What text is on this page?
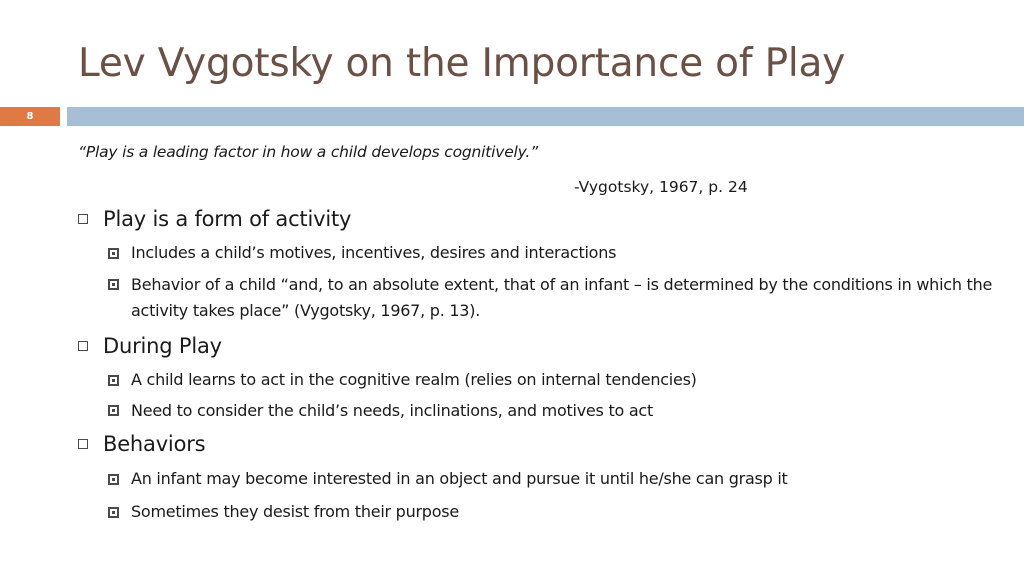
Lev Vygotsky on the Importance of Play
8
“Play is a leading factor in how a child develops cognitively.”
-Vygotsky, 1967, p. 24
Play is a form of activity
Includes a child’s motives, incentives, desires and interactions
Behavior of a child “and, to an absolute extent, that of an infant – is determined by the conditions in which the activity takes place” (Vygotsky, 1967, p. 13).
During Play
A child learns to act in the cognitive realm (relies on internal tendencies)
Need to consider the child’s needs, inclinations, and motives to act
Behaviors
An infant may become interested in an object and pursue it until he/she can grasp it
Sometimes they desist from their purpose
